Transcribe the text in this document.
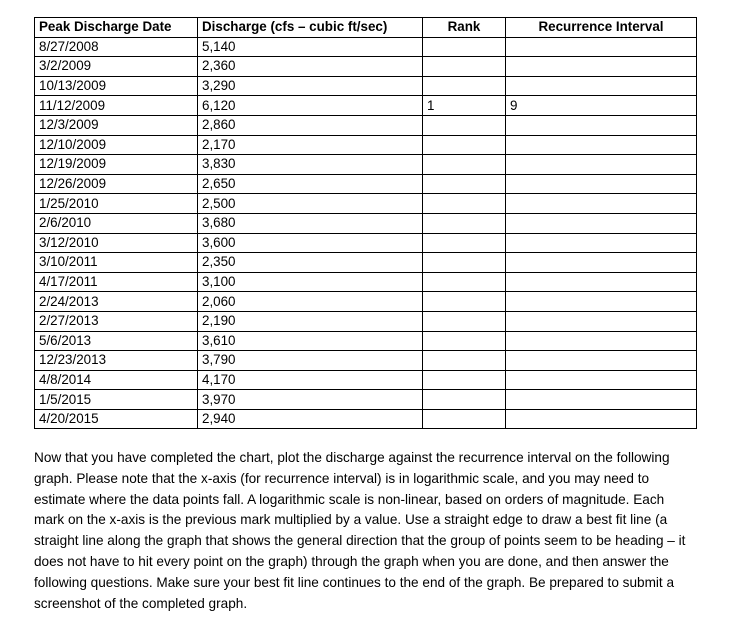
Peak Discharge Date	Discharge (cfs – cubic ft/sec)	Rank	Recurrence Interval
8/27/2008	5,140		
3/2/2009	2,360		
10/13/2009	3,290		
11/12/2009	6,120	1	9
12/3/2009	2,860		
12/10/2009	2,170		
12/19/2009	3,830		
12/26/2009	2,650		
1/25/2010	2,500		
2/6/2010	3,680		
3/12/2010	3,600		
3/10/2011	2,350		
4/17/2011	3,100		
2/24/2013	2,060		
2/27/2013	2,190		
5/6/2013	3,610		
12/23/2013	3,790		
4/8/2014	4,170		
1/5/2015	3,970		
4/20/2015	2,940		

Now that you have completed the chart, plot the discharge against the recurrence interval on the following graph. Please note that the x-axis (for recurrence interval) is in logarithmic scale, and you may need to estimate where the data points fall. A logarithmic scale is non-linear, based on orders of magnitude. Each mark on the x-axis is the previous mark multiplied by a value. Use a straight edge to draw a best fit line (a straight line along the graph that shows the general direction that the group of points seem to be heading – it does not have to hit every point on the graph) through the graph when you are done, and then answer the following questions. Make sure your best fit line continues to the end of the graph. Be prepared to submit a screenshot of the completed graph.
